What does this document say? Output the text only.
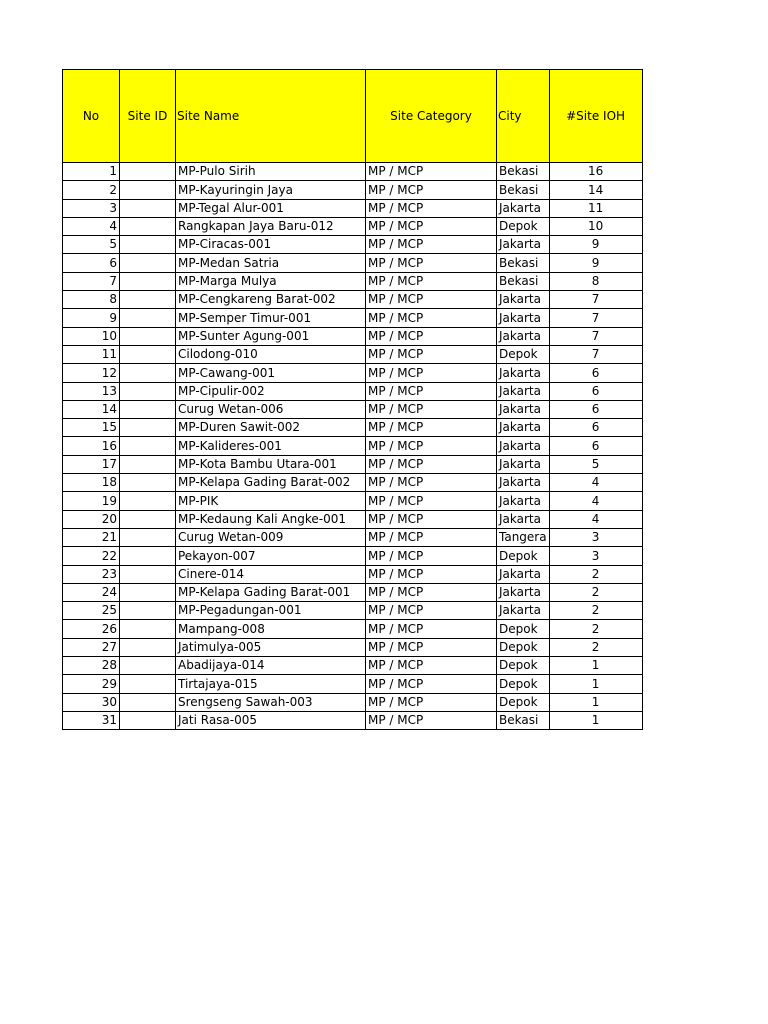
No	Site ID	Site Name	Site Category	City	#Site IOH
1		MP-Pulo Sirih	MP / MCP	Bekasi	16
2		MP-Kayuringin Jaya	MP / MCP	Bekasi	14
3		MP-Tegal Alur-001	MP / MCP	Jakarta	11
4		Rangkapan Jaya Baru-012	MP / MCP	Depok	10
5		MP-Ciracas-001	MP / MCP	Jakarta	9
6		MP-Medan Satria	MP / MCP	Bekasi	9
7		MP-Marga Mulya	MP / MCP	Bekasi	8
8		MP-Cengkareng Barat-002	MP / MCP	Jakarta	7
9		MP-Semper Timur-001	MP / MCP	Jakarta	7
10		MP-Sunter Agung-001	MP / MCP	Jakarta	7
11		Cilodong-010	MP / MCP	Depok	7
12		MP-Cawang-001	MP / MCP	Jakarta	6
13		MP-Cipulir-002	MP / MCP	Jakarta	6
14		Curug Wetan-006	MP / MCP	Jakarta	6
15		MP-Duren Sawit-002	MP / MCP	Jakarta	6
16		MP-Kalideres-001	MP / MCP	Jakarta	6
17		MP-Kota Bambu Utara-001	MP / MCP	Jakarta	5
18		MP-Kelapa Gading Barat-002	MP / MCP	Jakarta	4
19		MP-PIK	MP / MCP	Jakarta	4
20		MP-Kedaung Kali Angke-001	MP / MCP	Jakarta	4
21		Curug Wetan-009	MP / MCP	Tangera	3
22		Pekayon-007	MP / MCP	Depok	3
23		Cinere-014	MP / MCP	Jakarta	2
24		MP-Kelapa Gading Barat-001	MP / MCP	Jakarta	2
25		MP-Pegadungan-001	MP / MCP	Jakarta	2
26		Mampang-008	MP / MCP	Depok	2
27		Jatimulya-005	MP / MCP	Depok	2
28		Abadijaya-014	MP / MCP	Depok	1
29		Tirtajaya-015	MP / MCP	Depok	1
30		Srengseng Sawah-003	MP / MCP	Depok	1
31		Jati Rasa-005	MP / MCP	Bekasi	1
